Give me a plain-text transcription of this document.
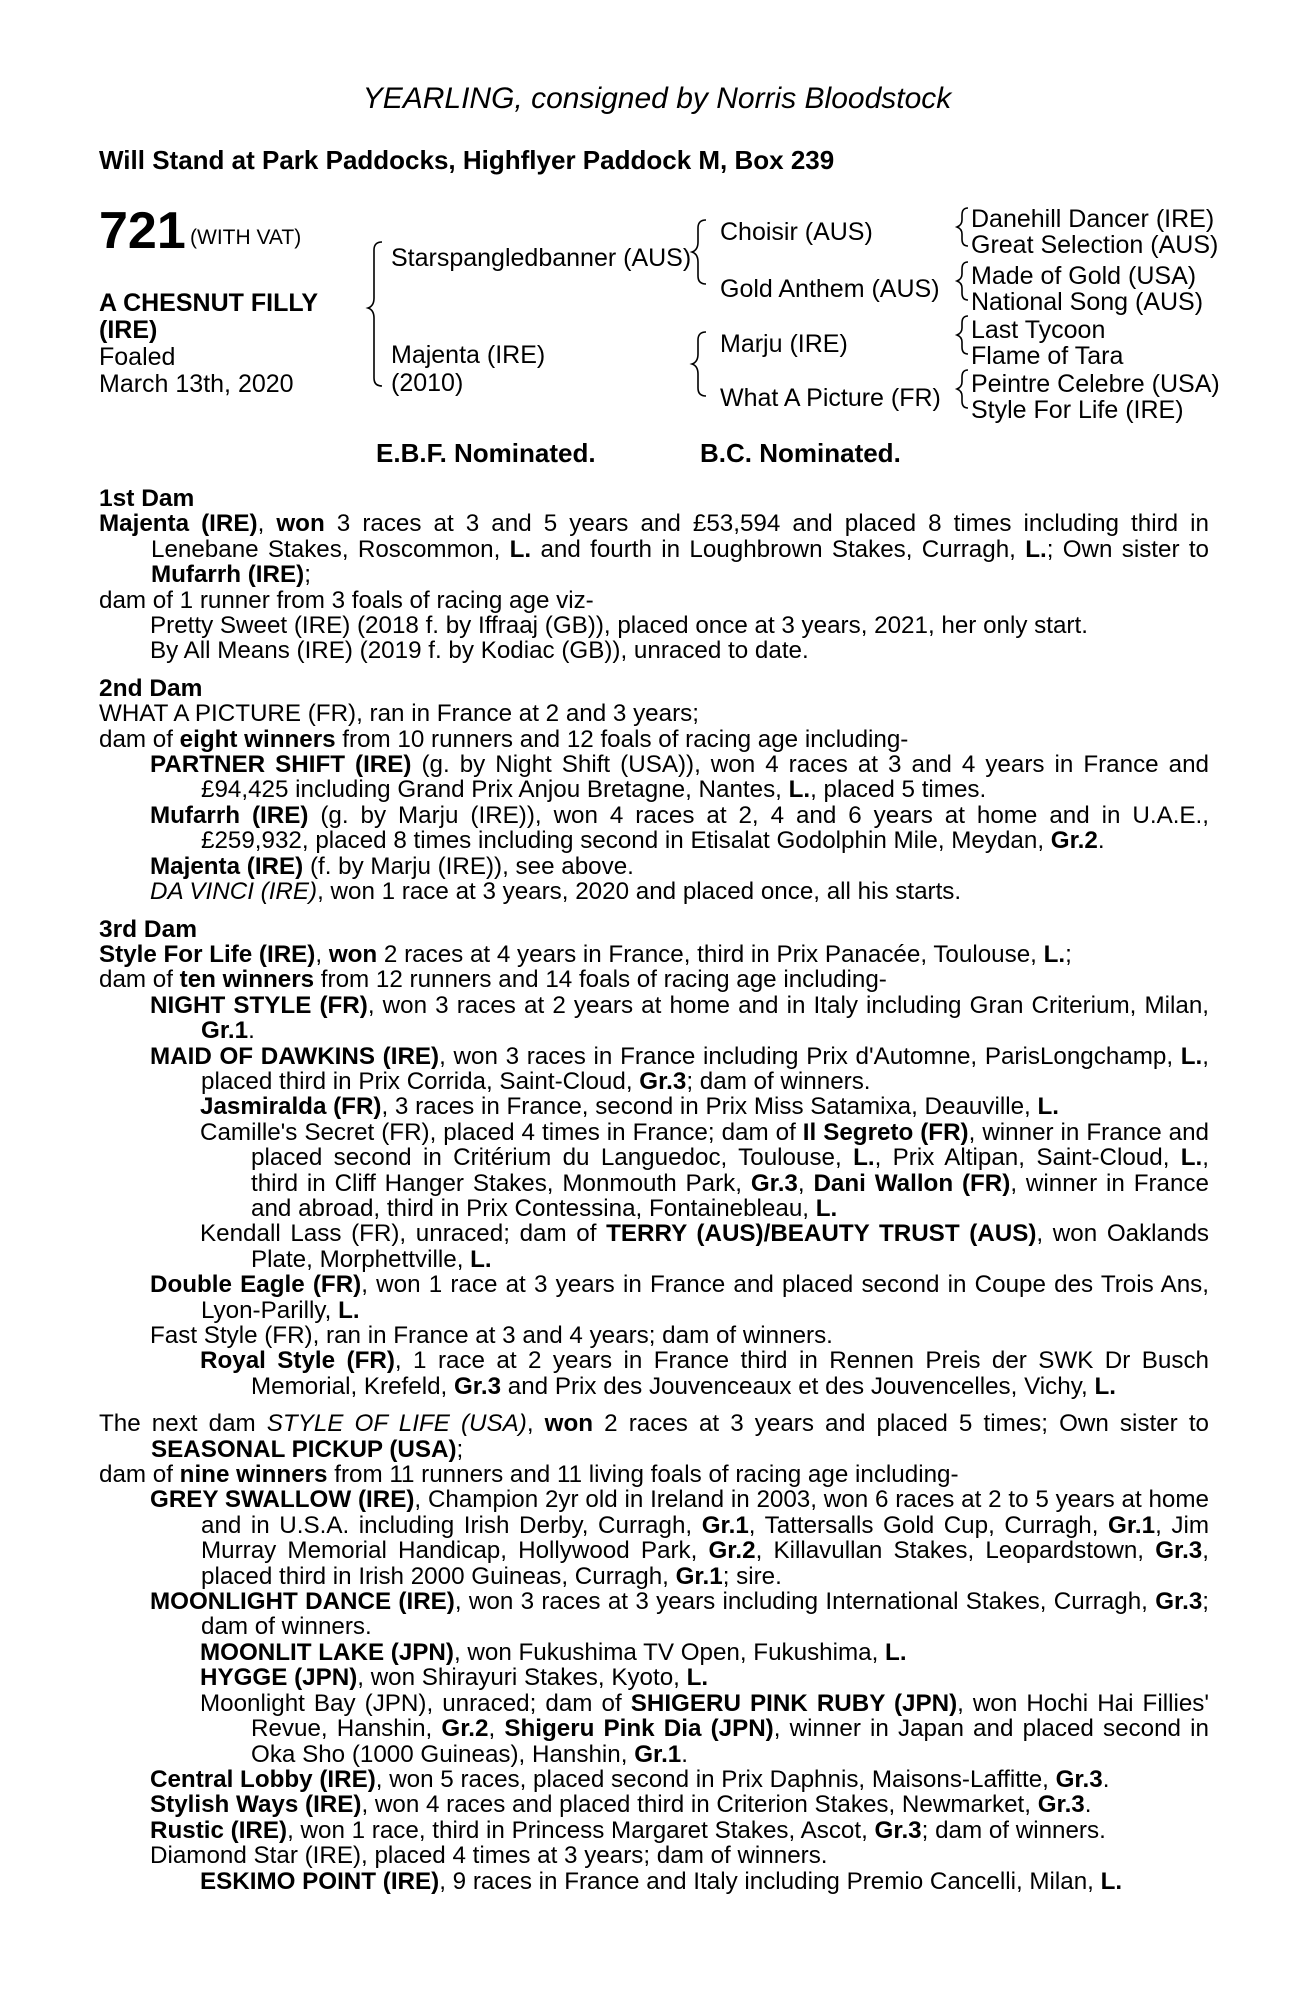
YEARLING, consigned by Norris Bloodstock
Will Stand at Park Paddocks, Highflyer Paddock M, Box 239
721 (WITH VAT)
A CHESNUT FILLY
(IRE)
Foaled
March 13th, 2020
Starspangledbanner (AUS)
Majenta (IRE)
(2010)
Choisir (AUS)
Gold Anthem (AUS)
Marju (IRE)
What A Picture (FR)
Danehill Dancer (IRE)
Great Selection (AUS)
Made of Gold (USA)
National Song (AUS)
Last Tycoon
Flame of Tara
Peintre Celebre (USA)
Style For Life (IRE)
E.B.F. Nominated.	B.C. Nominated.

1st Dam

Majenta (IRE), won 3 races at 3 and 5 years and £53,594 and placed 8 times including third in Lenebane Stakes, Roscommon, L. and fourth in Loughbrown Stakes, Curragh, L.; Own sister to Mufarrh (IRE);

dam of 1 runner from 3 foals of racing age viz-

Pretty Sweet (IRE) (2018 f. by Iffraaj (GB)), placed once at 3 years, 2021, her only start.

By All Means (IRE) (2019 f. by Kodiac (GB)), unraced to date.

2nd Dam

WHAT A PICTURE (FR), ran in France at 2 and 3 years;

dam of eight winners from 10 runners and 12 foals of racing age including-

PARTNER SHIFT (IRE) (g. by Night Shift (USA)), won 4 races at 3 and 4 years in France and £94,425 including Grand Prix Anjou Bretagne, Nantes, L., placed 5 times.

Mufarrh (IRE) (g. by Marju (IRE)), won 4 races at 2, 4 and 6 years at home and in U.A.E., £259,932, placed 8 times including second in Etisalat Godolphin Mile, Meydan, Gr.2.

Majenta (IRE) (f. by Marju (IRE)), see above.

DA VINCI (IRE), won 1 race at 3 years, 2020 and placed once, all his starts.

3rd Dam

Style For Life (IRE), won 2 races at 4 years in France, third in Prix Panacée, Toulouse, L.;

dam of ten winners from 12 runners and 14 foals of racing age including-

NIGHT STYLE (FR), won 3 races at 2 years at home and in Italy including Gran Criterium, Milan, Gr.1.

MAID OF DAWKINS (IRE), won 3 races in France including Prix d'Automne, ParisLongchamp, L., placed third in Prix Corrida, Saint-Cloud, Gr.3; dam of winners.

Jasmiralda (FR), 3 races in France, second in Prix Miss Satamixa, Deauville, L.

Camille's Secret (FR), placed 4 times in France; dam of Il Segreto (FR), winner in France and placed second in Critérium du Languedoc, Toulouse, L., Prix Altipan, Saint-Cloud, L., third in Cliff Hanger Stakes, Monmouth Park, Gr.3, Dani Wallon (FR), winner in France and abroad, third in Prix Contessina, Fontainebleau, L.

Kendall Lass (FR), unraced; dam of TERRY (AUS)/BEAUTY TRUST (AUS), won Oaklands Plate, Morphettville, L.

Double Eagle (FR), won 1 race at 3 years in France and placed second in Coupe des Trois Ans, Lyon-Parilly, L.

Fast Style (FR), ran in France at 3 and 4 years; dam of winners.

Royal Style (FR), 1 race at 2 years in France third in Rennen Preis der SWK Dr Busch Memorial, Krefeld, Gr.3 and Prix des Jouvenceaux et des Jouvencelles, Vichy, L.

The next dam STYLE OF LIFE (USA), won 2 races at 3 years and placed 5 times; Own sister to SEASONAL PICKUP (USA);

dam of nine winners from 11 runners and 11 living foals of racing age including-

GREY SWALLOW (IRE), Champion 2yr old in Ireland in 2003, won 6 races at 2 to 5 years at home and in U.S.A. including Irish Derby, Curragh, Gr.1, Tattersalls Gold Cup, Curragh, Gr.1, Jim Murray Memorial Handicap, Hollywood Park, Gr.2, Killavullan Stakes, Leopardstown, Gr.3, placed third in Irish 2000 Guineas, Curragh, Gr.1; sire.

MOONLIGHT DANCE (IRE), won 3 races at 3 years including International Stakes, Curragh, Gr.3; dam of winners.

MOONLIT LAKE (JPN), won Fukushima TV Open, Fukushima, L.

HYGGE (JPN), won Shirayuri Stakes, Kyoto, L.

Moonlight Bay (JPN), unraced; dam of SHIGERU PINK RUBY (JPN), won Hochi Hai Fillies' Revue, Hanshin, Gr.2, Shigeru Pink Dia (JPN), winner in Japan and placed second in Oka Sho (1000 Guineas), Hanshin, Gr.1.

Central Lobby (IRE), won 5 races, placed second in Prix Daphnis, Maisons-Laffitte, Gr.3.

Stylish Ways (IRE), won 4 races and placed third in Criterion Stakes, Newmarket, Gr.3.

Rustic (IRE), won 1 race, third in Princess Margaret Stakes, Ascot, Gr.3; dam of winners.

Diamond Star (IRE), placed 4 times at 3 years; dam of winners.

ESKIMO POINT (IRE), 9 races in France and Italy including Premio Cancelli, Milan, L.
